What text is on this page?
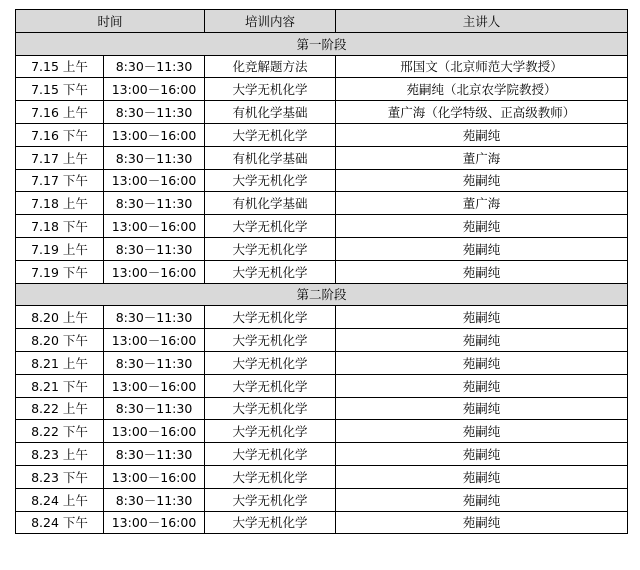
时间		培训内容	主讲人
第一阶段			
7.15 上午	8:30－11:30	化竞解题方法	邢国文（北京师范大学教授）
7.15 下午	13:00－16:00	大学无机化学	苑嗣纯（北京农学院教授）
7.16 上午	8:30－11:30	有机化学基础	董广海（化学特级、正高级教师）
7.16 下午	13:00－16:00	大学无机化学	苑嗣纯
7.17 上午	8:30－11:30	有机化学基础	董广海
7.17 下午	13:00－16:00	大学无机化学	苑嗣纯
7.18 上午	8:30－11:30	有机化学基础	董广海
7.18 下午	13:00－16:00	大学无机化学	苑嗣纯
7.19 上午	8:30－11:30	大学无机化学	苑嗣纯
7.19 下午	13:00－16:00	大学无机化学	苑嗣纯
第二阶段			
8.20 上午	8:30－11:30	大学无机化学	苑嗣纯
8.20 下午	13:00－16:00	大学无机化学	苑嗣纯
8.21 上午	8:30－11:30	大学无机化学	苑嗣纯
8.21 下午	13:00－16:00	大学无机化学	苑嗣纯
8.22 上午	8:30－11:30	大学无机化学	苑嗣纯
8.22 下午	13:00－16:00	大学无机化学	苑嗣纯
8.23 上午	8:30－11:30	大学无机化学	苑嗣纯
8.23 下午	13:00－16:00	大学无机化学	苑嗣纯
8.24 上午	8:30－11:30	大学无机化学	苑嗣纯
8.24 下午	13:00－16:00	大学无机化学	苑嗣纯
